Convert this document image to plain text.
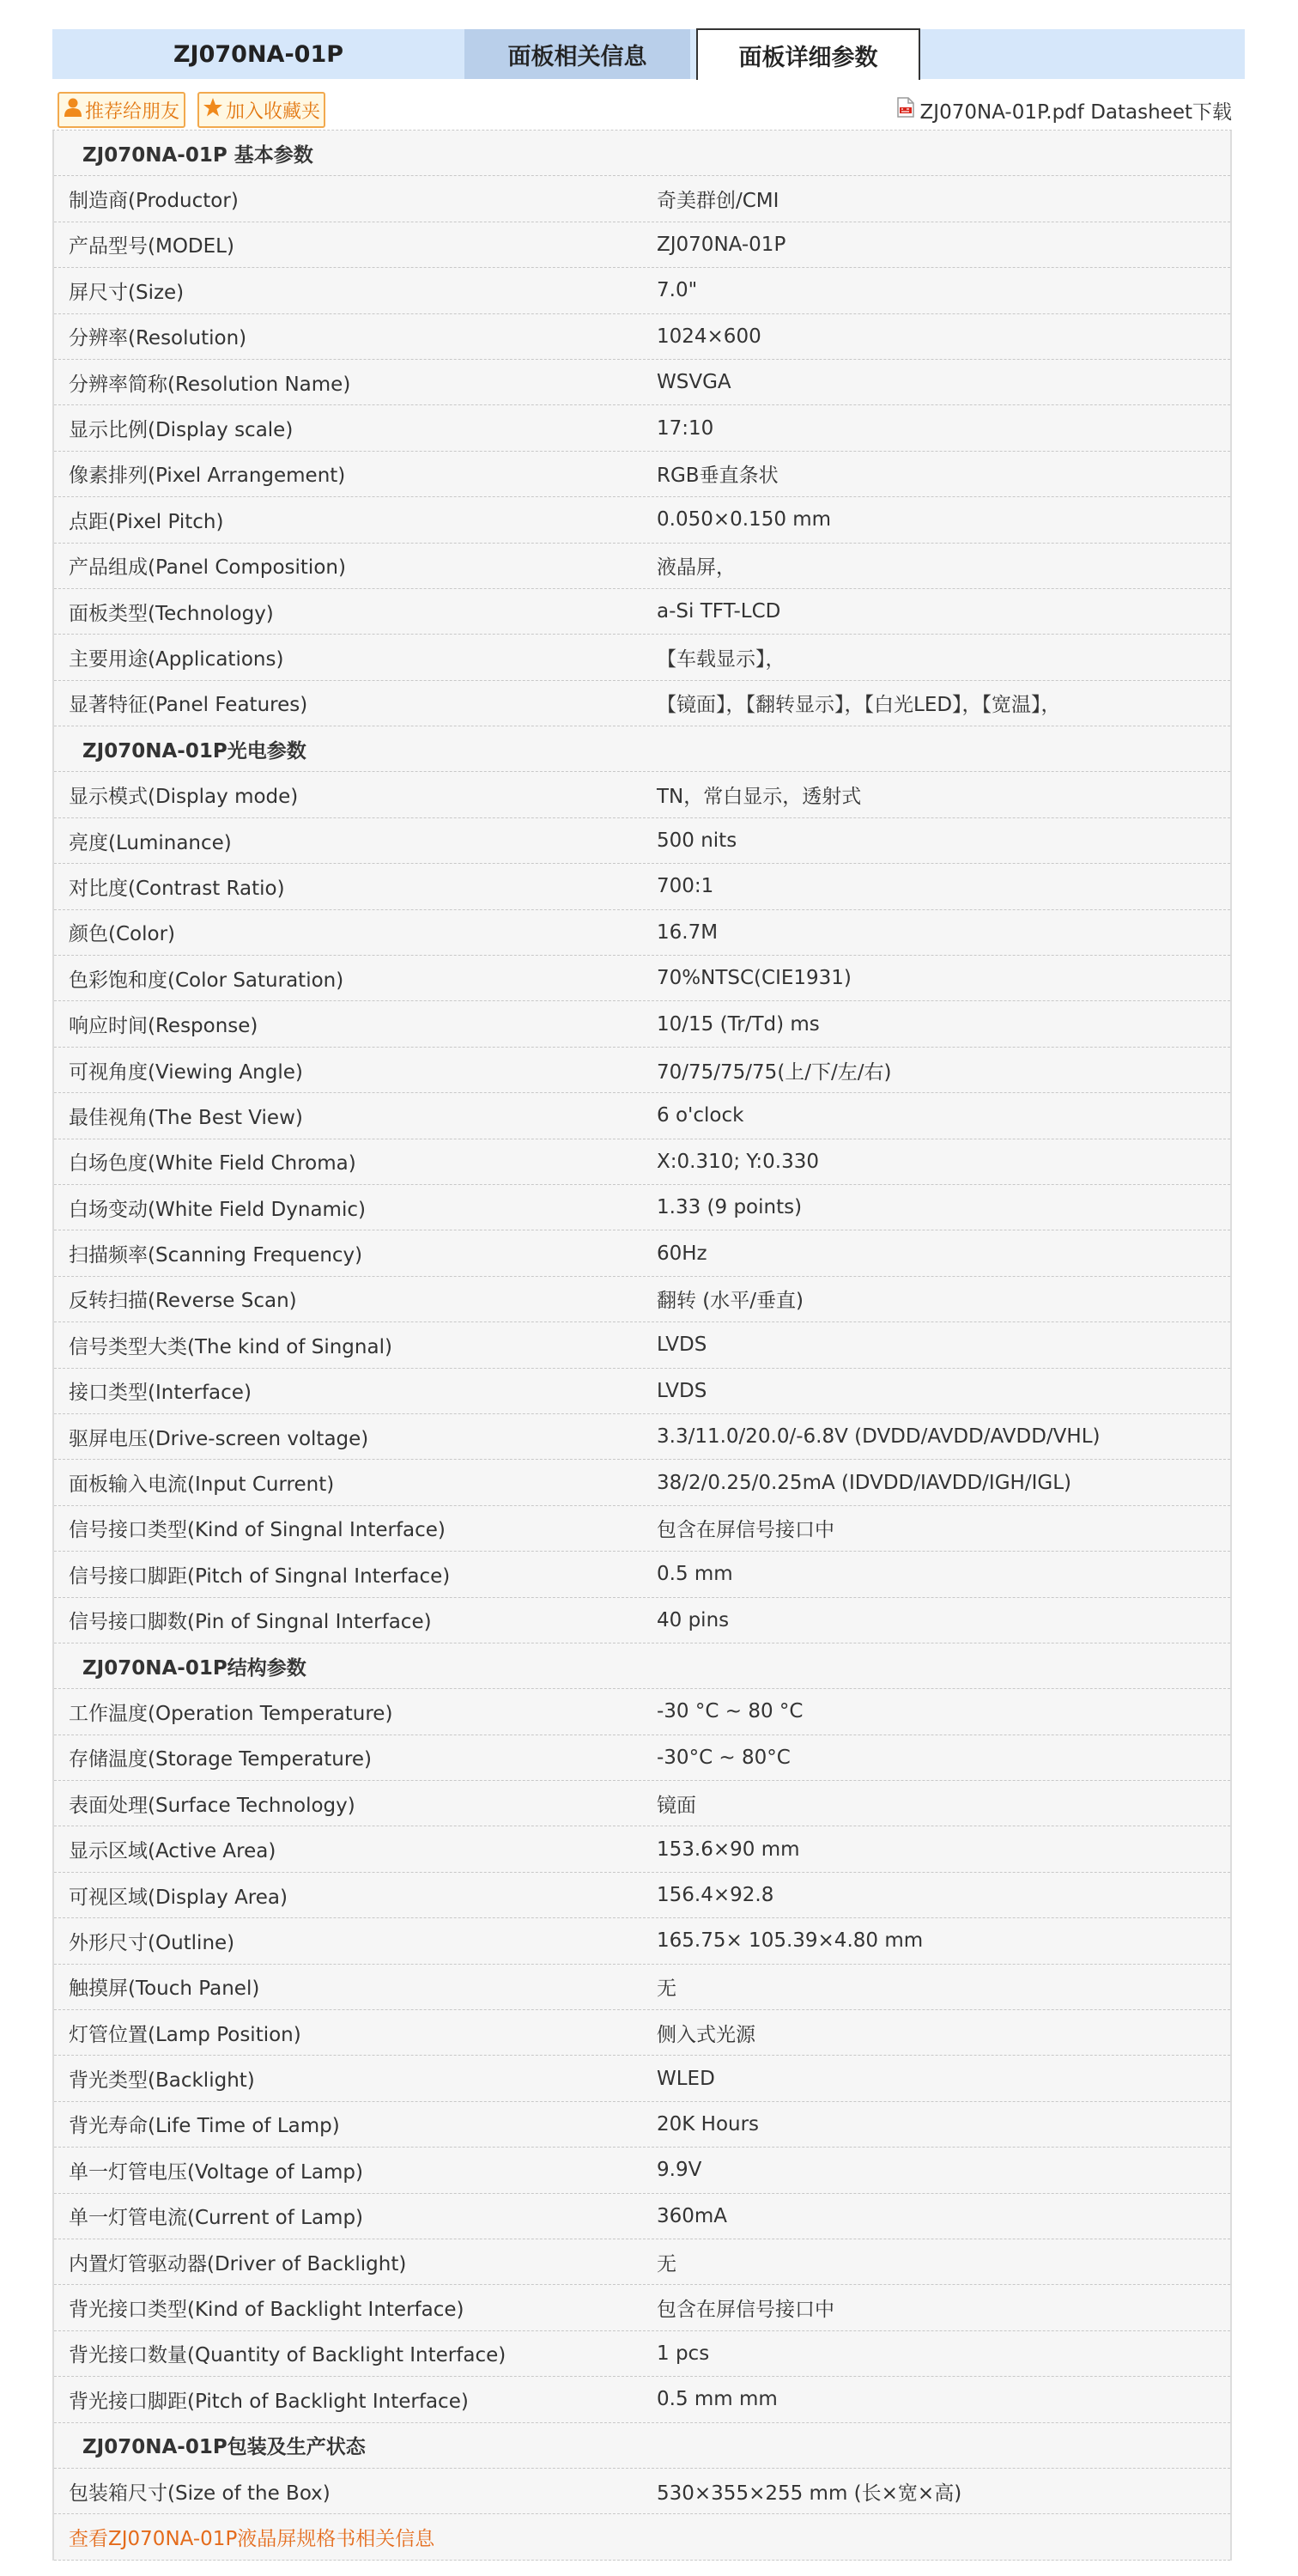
ZJ070NA-01P	面板相关信息	面板详细参数
推荐给朋友 加入收藏夹	ZJ070NA-01P.pdf Datasheet下载
ZJ070NA-01P 基本参数
制造商(Productor)	奇美群创/CMI
产品型号(MODEL)	ZJ070NA-01P
屏尺寸(Size)	7.0"
分辨率(Resolution)	1024×600
分辨率简称(Resolution Name)	WSVGA
显示比例(Display scale)	17:10
像素排列(Pixel Arrangement)	RGB垂直条状
点距(Pixel Pitch)	0.050×0.150 mm
产品组成(Panel Composition)	液晶屏，
面板类型(Technology)	a-Si TFT-LCD
主要用途(Applications)	【车载显示】，
显著特征(Panel Features)	【镜面】，【翻转显示】，【白光LED】，【宽温】，
ZJ070NA-01P光电参数
显示模式(Display mode)	TN，常白显示，透射式
亮度(Luminance)	500 nits
对比度(Contrast Ratio)	700:1
颜色(Color)	16.7M
色彩饱和度(Color Saturation)	70%NTSC(CIE1931)
响应时间(Response)	10/15 (Tr/Td) ms
可视角度(Viewing Angle)	70/75/75/75(上/下/左/右)
最佳视角(The Best View)	6 o'clock
白场色度(White Field Chroma)	X:0.310; Y:0.330
白场变动(White Field Dynamic)	1.33 (9 points)
扫描频率(Scanning Frequency)	60Hz
反转扫描(Reverse Scan)	翻转 (水平/垂直)
信号类型大类(The kind of Singnal)	LVDS
接口类型(Interface)	LVDS
驱屏电压(Drive-screen voltage)	3.3/11.0/20.0/-6.8V (DVDD/AVDD/AVDD/VHL)
面板输入电流(Input Current)	38/2/0.25/0.25mA (IDVDD/IAVDD/IGH/IGL)
信号接口类型(Kind of Singnal Interface)	包含在屏信号接口中
信号接口脚距(Pitch of Singnal Interface)	0.5 mm
信号接口脚数(Pin of Singnal Interface)	40 pins
ZJ070NA-01P结构参数
工作温度(Operation Temperature)	-30 °C ~ 80 °C
存储温度(Storage Temperature)	-30°C ~ 80°C
表面处理(Surface Technology)	镜面
显示区域(Active Area)	153.6×90 mm
可视区域(Display Area)	156.4×92.8
外形尺寸(Outline)	165.75× 105.39×4.80 mm
触摸屏(Touch Panel)	无
灯管位置(Lamp Position)	侧入式光源
背光类型(Backlight)	WLED
背光寿命(Life Time of Lamp)	20K Hours
单一灯管电压(Voltage of Lamp)	9.9V
单一灯管电流(Current of Lamp)	360mA
内置灯管驱动器(Driver of Backlight)	无
背光接口类型(Kind of Backlight Interface)	包含在屏信号接口中
背光接口数量(Quantity of Backlight Interface)	1 pcs
背光接口脚距(Pitch of Backlight Interface)	0.5 mm mm
ZJ070NA-01P包装及生产状态
包装箱尺寸(Size of the Box)	530×355×255 mm (长×宽×高)
查看ZJ070NA-01P液晶屏规格书相关信息
